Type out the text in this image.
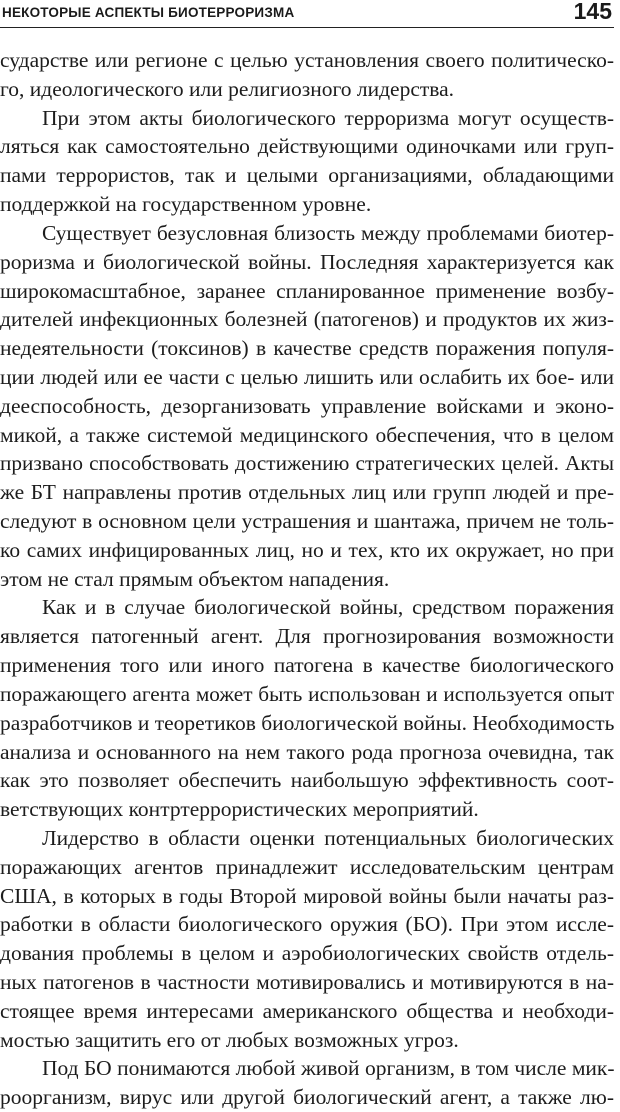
НЕКОТОРЫЕ АСПЕКТЫ БИОТЕРРОРИЗМА	145
сударстве или регионе с целью установления своего политическо-
го, идеологического или религиозного лидерства.
При этом акты биологического терроризма могут осуществ-
ляться как самостоятельно действующими одиночками или груп-
пами террористов, так и целыми организациями, обладающими
поддержкой на государственном уровне.
Существует безусловная близость между проблемами биотер-
роризма и биологической войны. Последняя характеризуется как
широкомасштабное, заранее спланированное применение возбу-
дителей инфекционных болезней (патогенов) и продуктов их жиз-
недеятельности (токсинов) в качестве средств поражения популя-
ции людей или ее части с целью лишить или ослабить их бое- или
дееспособность, дезорганизовать управление войсками и эконо-
микой, а также системой медицинского обеспечения, что в целом
призвано способствовать достижению стратегических целей. Акты
же БТ направлены против отдельных лиц или групп людей и пре-
следуют в основном цели устрашения и шантажа, причем не толь-
ко самих инфицированных лиц, но и тех, кто их окружает, но при
этом не стал прямым объектом нападения.
Как и в случае биологической войны, средством поражения
является патогенный агент. Для прогнозирования возможности
применения того или иного патогена в качестве биологического
поражающего агента может быть использован и используется опыт
разработчиков и теоретиков биологической войны. Необходимость
анализа и основанного на нем такого рода прогноза очевидна, так
как это позволяет обеспечить наибольшую эффективность соот-
ветствующих контртеррористических мероприятий.
Лидерство в области оценки потенциальных биологических
поражающих агентов принадлежит исследовательским центрам
США, в которых в годы Второй мировой войны были начаты раз-
работки в области биологического оружия (БО). При этом иссле-
дования проблемы в целом и аэробиологических свойств отдель-
ных патогенов в частности мотивировались и мотивируются в на-
стоящее время интересами американского общества и необходи-
мостью защитить его от любых возможных угроз.
Под БО понимаются любой живой организм, в том числе мик-
роорганизм, вирус или другой биологический агент, а также лю-
